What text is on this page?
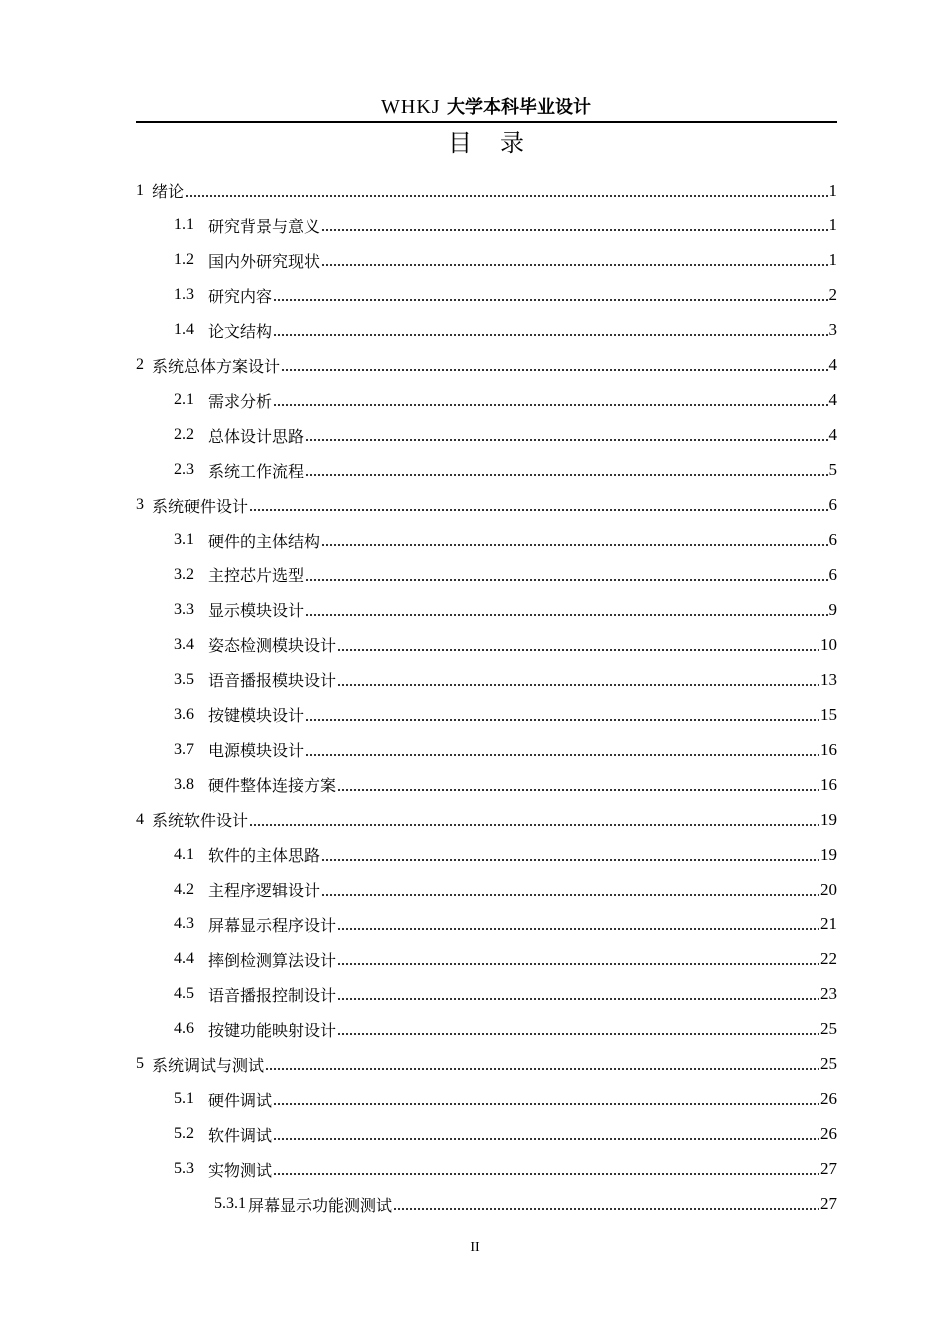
WHKJ 大学本科毕业设计
目录
1 绪论	1
1.1 研究背景与意义	1
1.2 国内外研究现状	1
1.3 研究内容	2
1.4 论文结构	3
2 系统总体方案设计	4
2.1 需求分析	4
2.2 总体设计思路	4
2.3 系统工作流程	5
3 系统硬件设计	6
3.1 硬件的主体结构	6
3.2 主控芯片选型	6
3.3 显示模块设计	9
3.4 姿态检测模块设计	10
3.5 语音播报模块设计	13
3.6 按键模块设计	15
3.7 电源模块设计	16
3.8 硬件整体连接方案	16
4 系统软件设计	19
4.1 软件的主体思路	19
4.2 主程序逻辑设计	20
4.3 屏幕显示程序设计	21
4.4 摔倒检测算法设计	22
4.5 语音播报控制设计	23
4.6 按键功能映射设计	25
5 系统调试与测试	25
5.1 硬件调试	26
5.2 软件调试	26
5.3 实物测试	27
5.3.1 屏幕显示功能测测试	27
II
